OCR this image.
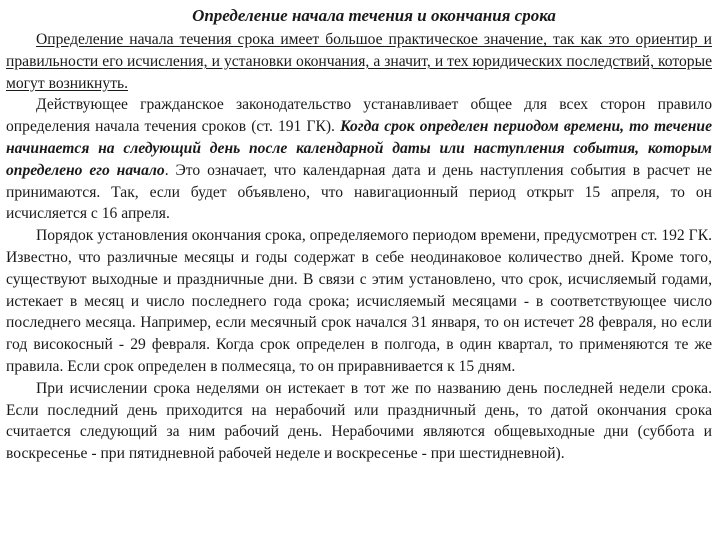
Определение начала течения и окончания срока

Определение начала течения срока имеет большое практическое значение, так как это ориентир и правильности его исчисления, и установки окончания, а значит, и тех юридических последствий, которые могут возникнуть.

Действующее гражданское законодательство устанавливает общее для всех сторон правило определения начала течения сроков (ст. 191 ГК). Когда срок определен периодом времени, то течение начинается на следующий день после календарной даты или наступления события, которым определено его начало. Это означает, что календарная дата и день наступления события в расчет не принимаются. Так, если будет объявлено, что навигационный период открыт 15 апреля, то он исчисляется с 16 апреля.

Порядок установления окончания срока, определяемого периодом времени, предусмотрен ст. 192 ГК. Известно, что различные месяцы и годы содержат в себе неодинаковое количество дней. Кроме того, существуют выходные и праздничные дни. В связи с этим установлено, что срок, исчисляемый годами, истекает в месяц и число последнего года срока; исчисляемый месяцами - в соответствующее число последнего месяца. Например, если месячный срок начался 31 января, то он истечет 28 февраля, но если год високосный - 29 февраля. Когда срок определен в полгода, в один квартал, то применяются те же правила. Если срок определен в полмесяца, то он приравнивается к 15 дням.

При исчислении срока неделями он истекает в тот же по названию день последней недели срока. Если последний день приходится на нерабочий или праздничный день, то датой окончания срока считается следующий за ним рабочий день. Нерабочими являются общевыходные дни (суббота и воскресенье - при пятидневной рабочей неделе и воскресенье - при шестидневной).
